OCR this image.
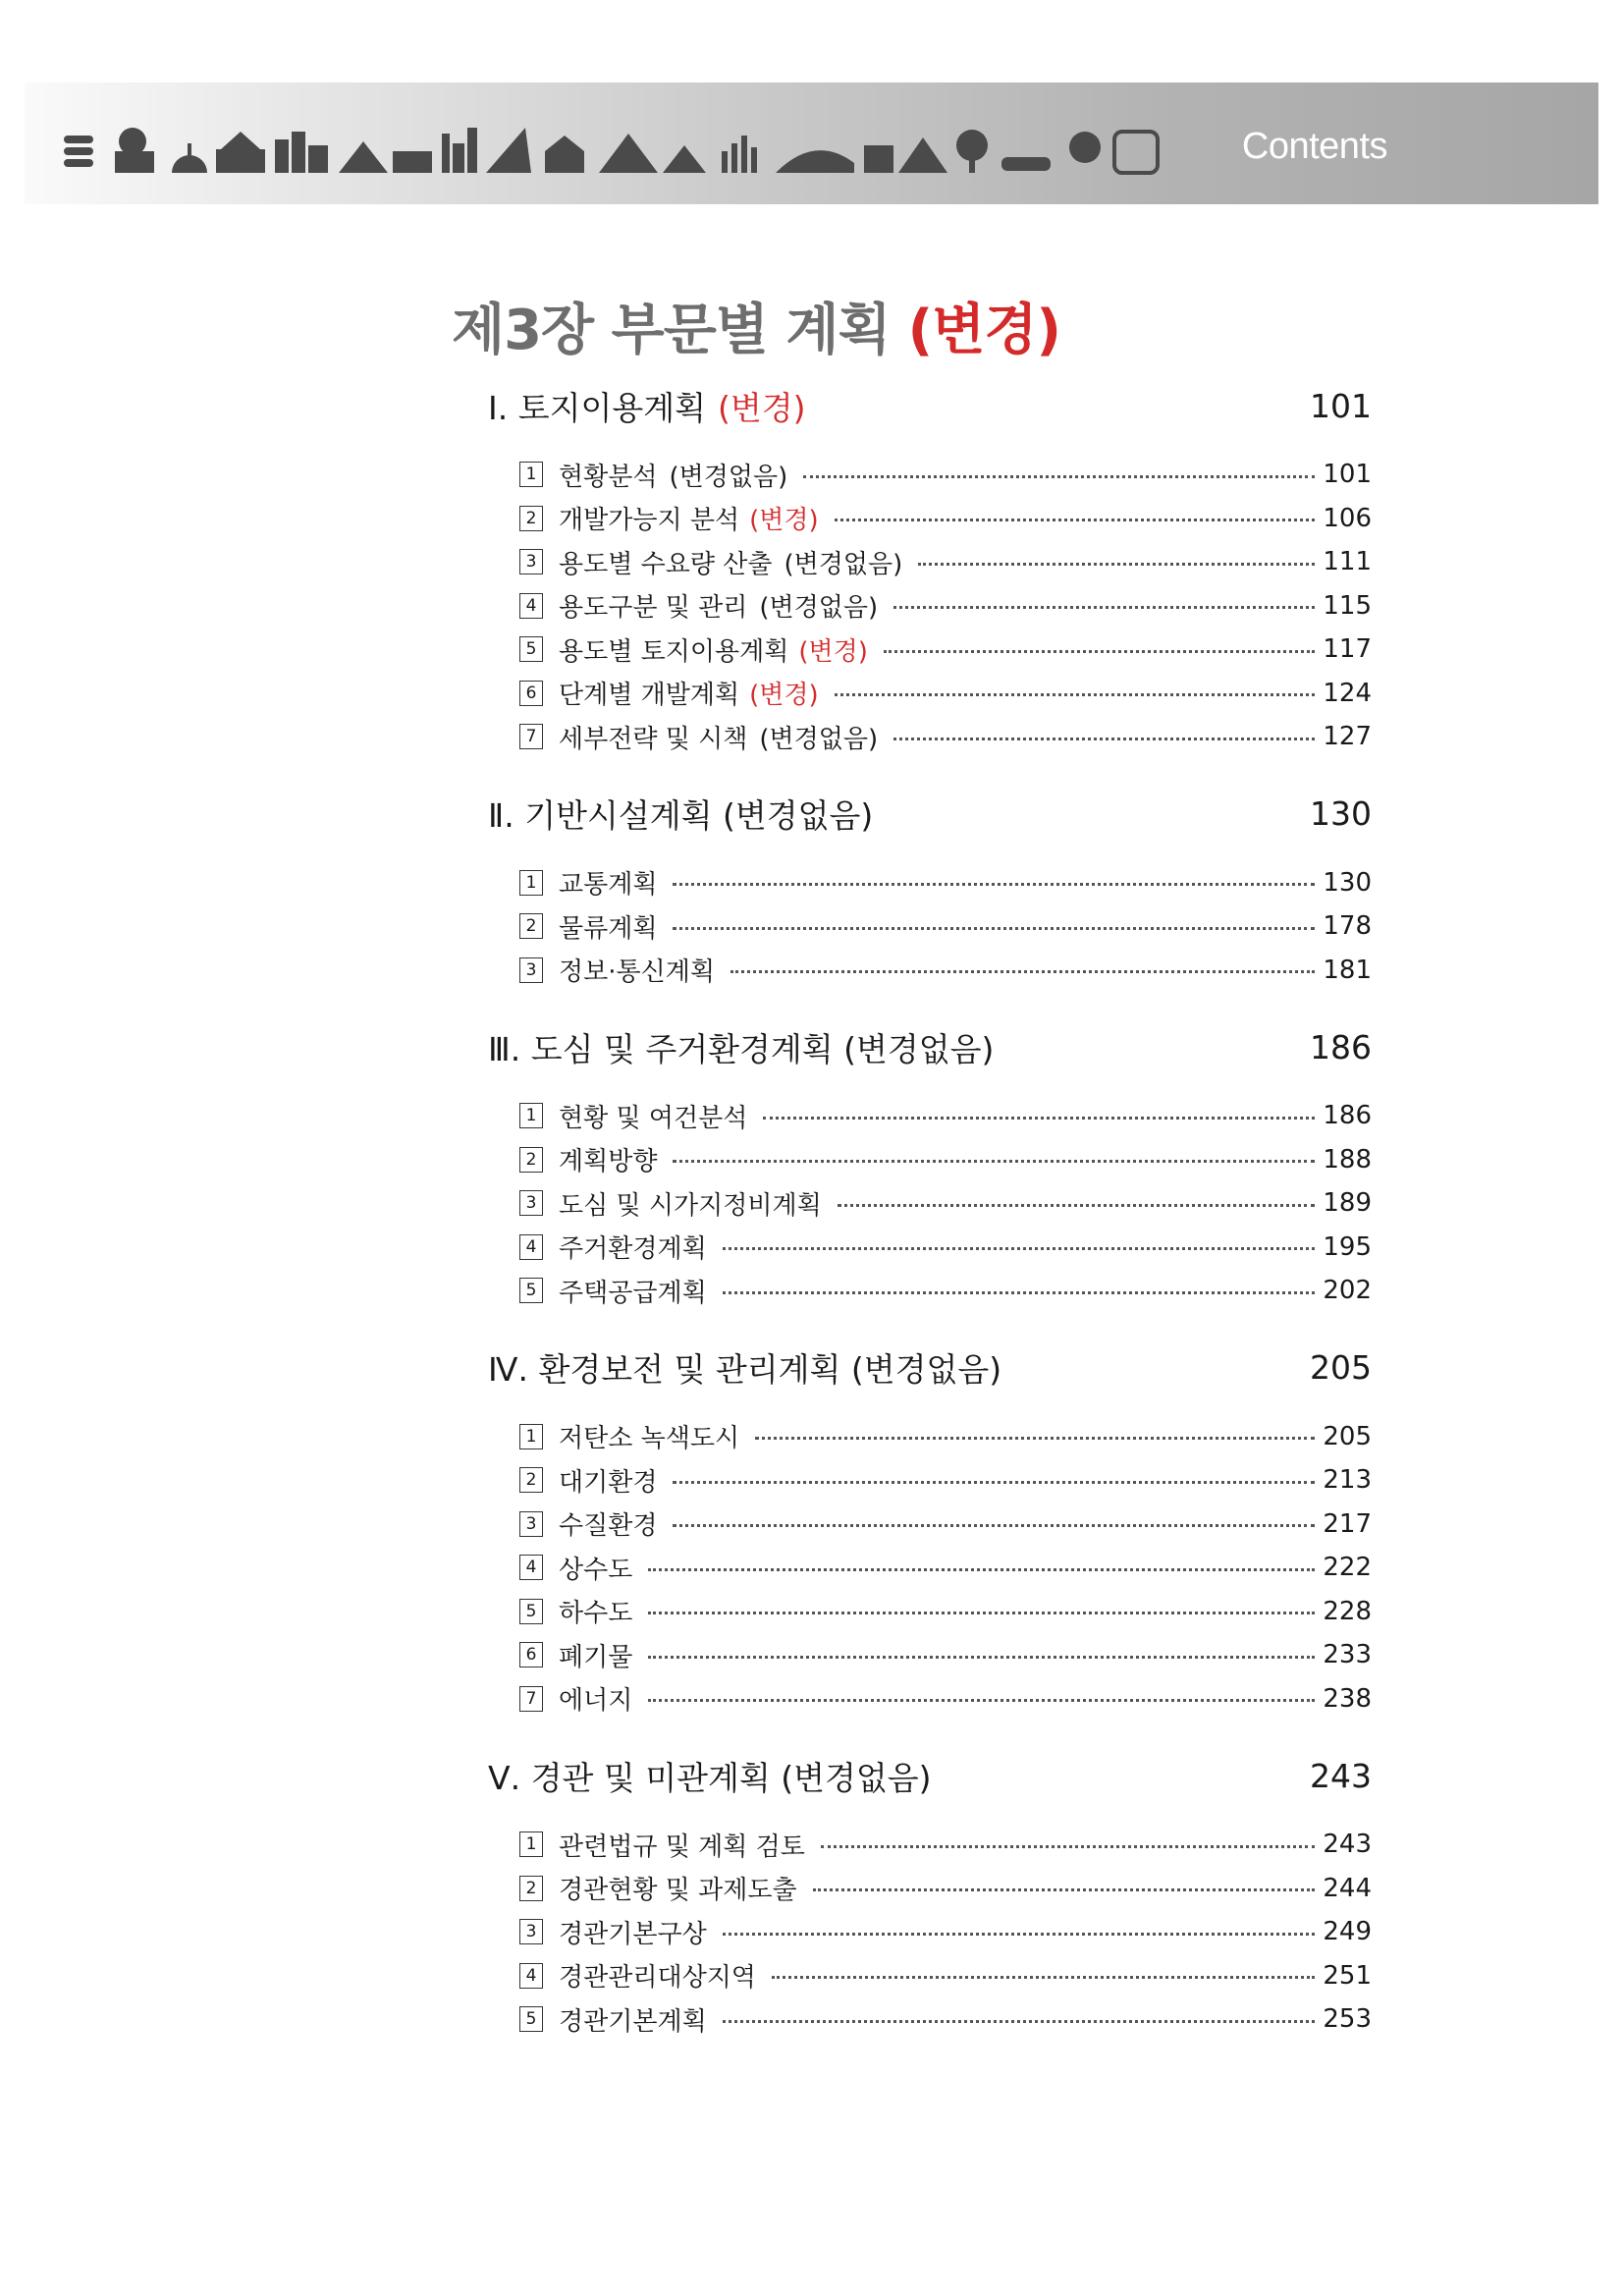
Contents
제3장 부문별 계획 (변경)
Ⅰ. 토지이용계획 (변경)	101
1 현황분석 (변경없음)	101
2 개발가능지 분석 (변경)	106
3 용도별 수요량 산출 (변경없음)	111
4 용도구분 및 관리 (변경없음)	115
5 용도별 토지이용계획 (변경)	117
6 단계별 개발계획 (변경)	124
7 세부전략 및 시책 (변경없음)	127
Ⅱ. 기반시설계획 (변경없음)	130
1 교통계획	130
2 물류계획	178
3 정보·통신계획	181
Ⅲ. 도심 및 주거환경계획 (변경없음)	186
1 현황 및 여건분석	186
2 계획방향	188
3 도심 및 시가지정비계획	189
4 주거환경계획	195
5 주택공급계획	202
Ⅳ. 환경보전 및 관리계획 (변경없음)	205
1 저탄소 녹색도시	205
2 대기환경	213
3 수질환경	217
4 상수도	222
5 하수도	228
6 폐기물	233
7 에너지	238
Ⅴ. 경관 및 미관계획 (변경없음)	243
1 관련법규 및 계획 검토	243
2 경관현황 및 과제도출	244
3 경관기본구상	249
4 경관관리대상지역	251
5 경관기본계획	253
